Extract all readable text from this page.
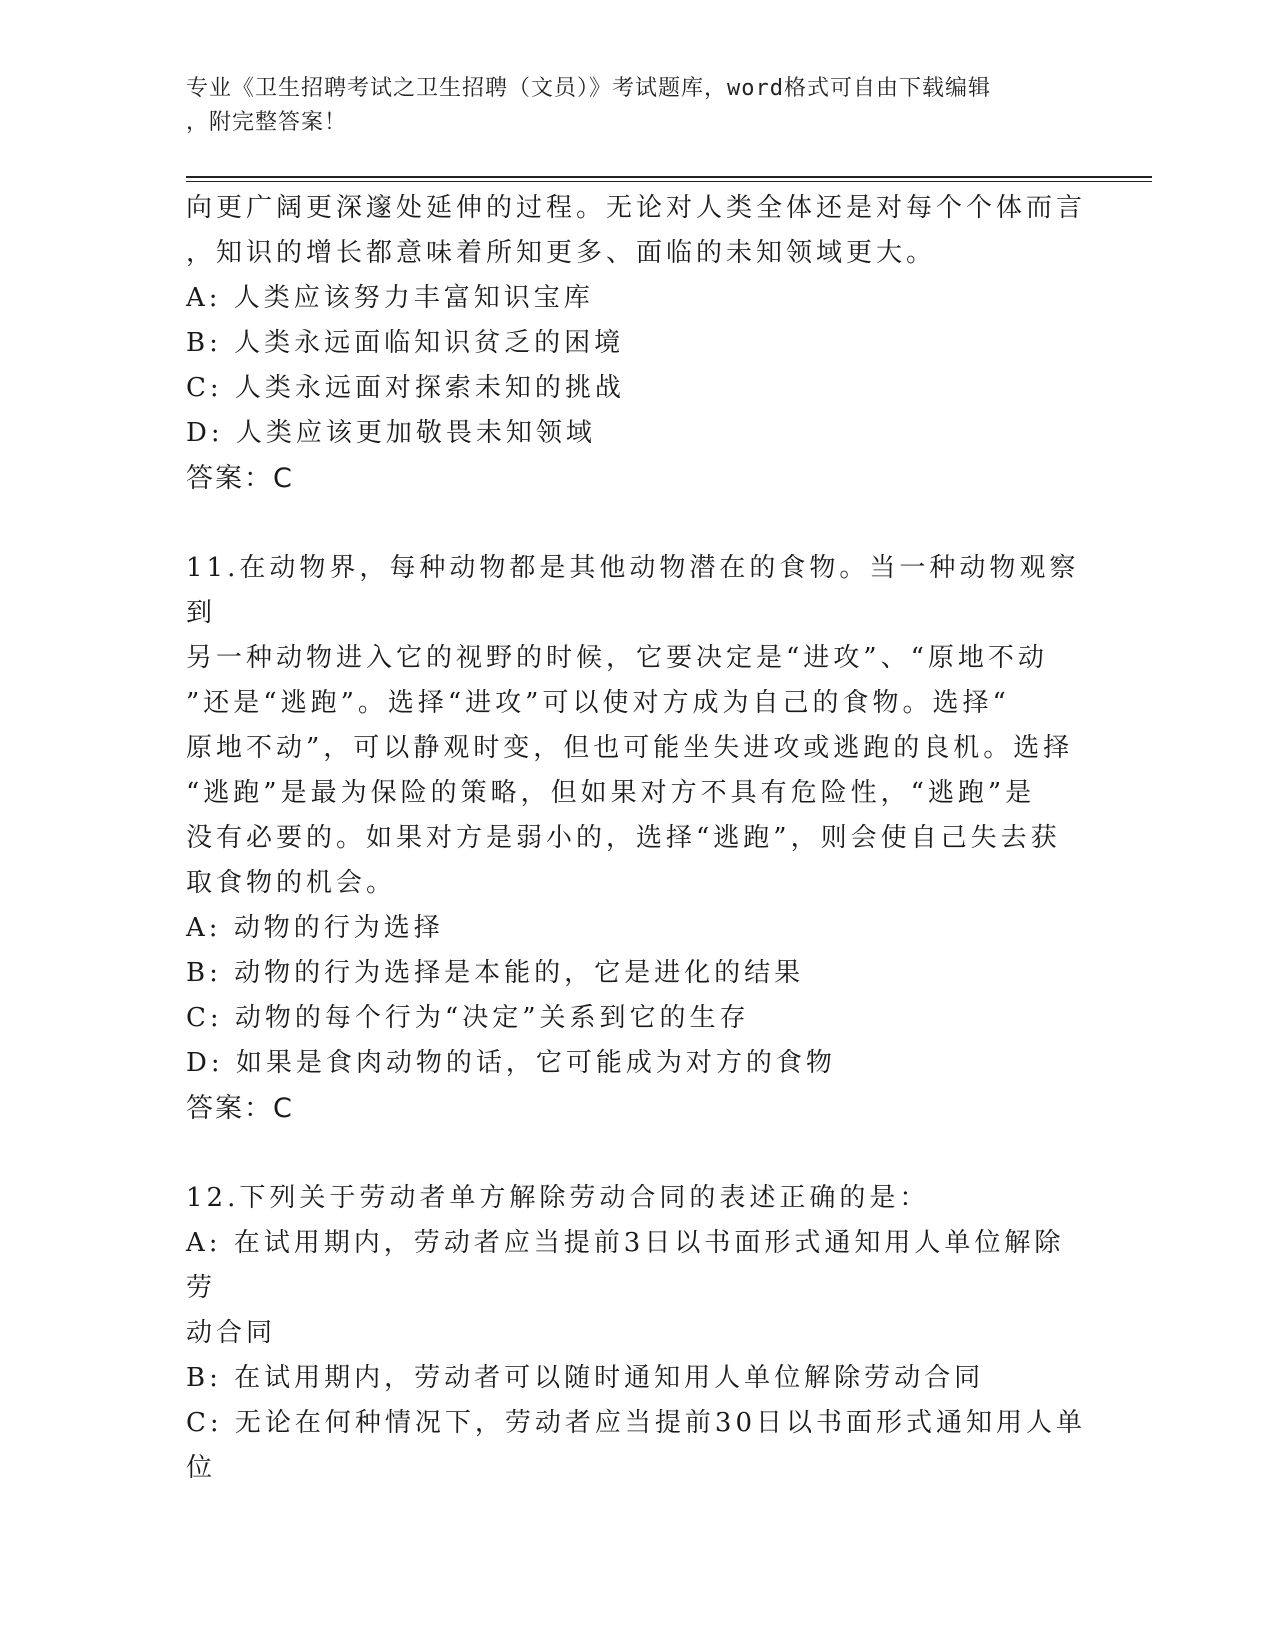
专业《卫生招聘考试之卫生招聘（文员）》考试题库，word格式可自由下载编辑
，附完整答案！

向更广阔更深邃处延伸的过程。无论对人类全体还是对每个个体而言

，知识的增长都意味着所知更多、面临的未知领域更大。

A: 人类应该努力丰富知识宝库

B: 人类永远面临知识贫乏的困境

C: 人类永远面对探索未知的挑战

D: 人类应该更加敬畏未知领域

答案：C

11.在动物界，每种动物都是其他动物潜在的食物。当一种动物观察到

另一种动物进入它的视野的时候，它要决定是“进攻”、“原地不动

”还是“逃跑”。选择“进攻”可以使对方成为自己的食物。选择“

原地不动”，可以静观时变，但也可能坐失进攻或逃跑的良机。选择

“逃跑”是最为保险的策略，但如果对方不具有危险性，“逃跑”是

没有必要的。如果对方是弱小的，选择“逃跑”，则会使自己失去获

取食物的机会。

A: 动物的行为选择

B: 动物的行为选择是本能的，它是进化的结果

C: 动物的每个行为“决定”关系到它的生存

D: 如果是食肉动物的话，它可能成为对方的食物

答案：C

12.下列关于劳动者单方解除劳动合同的表述正确的是：

A: 在试用期内，劳动者应当提前3日以书面形式通知用人单位解除劳

动合同

B: 在试用期内，劳动者可以随时通知用人单位解除劳动合同

C: 无论在何种情况下，劳动者应当提前30日以书面形式通知用人单

位
